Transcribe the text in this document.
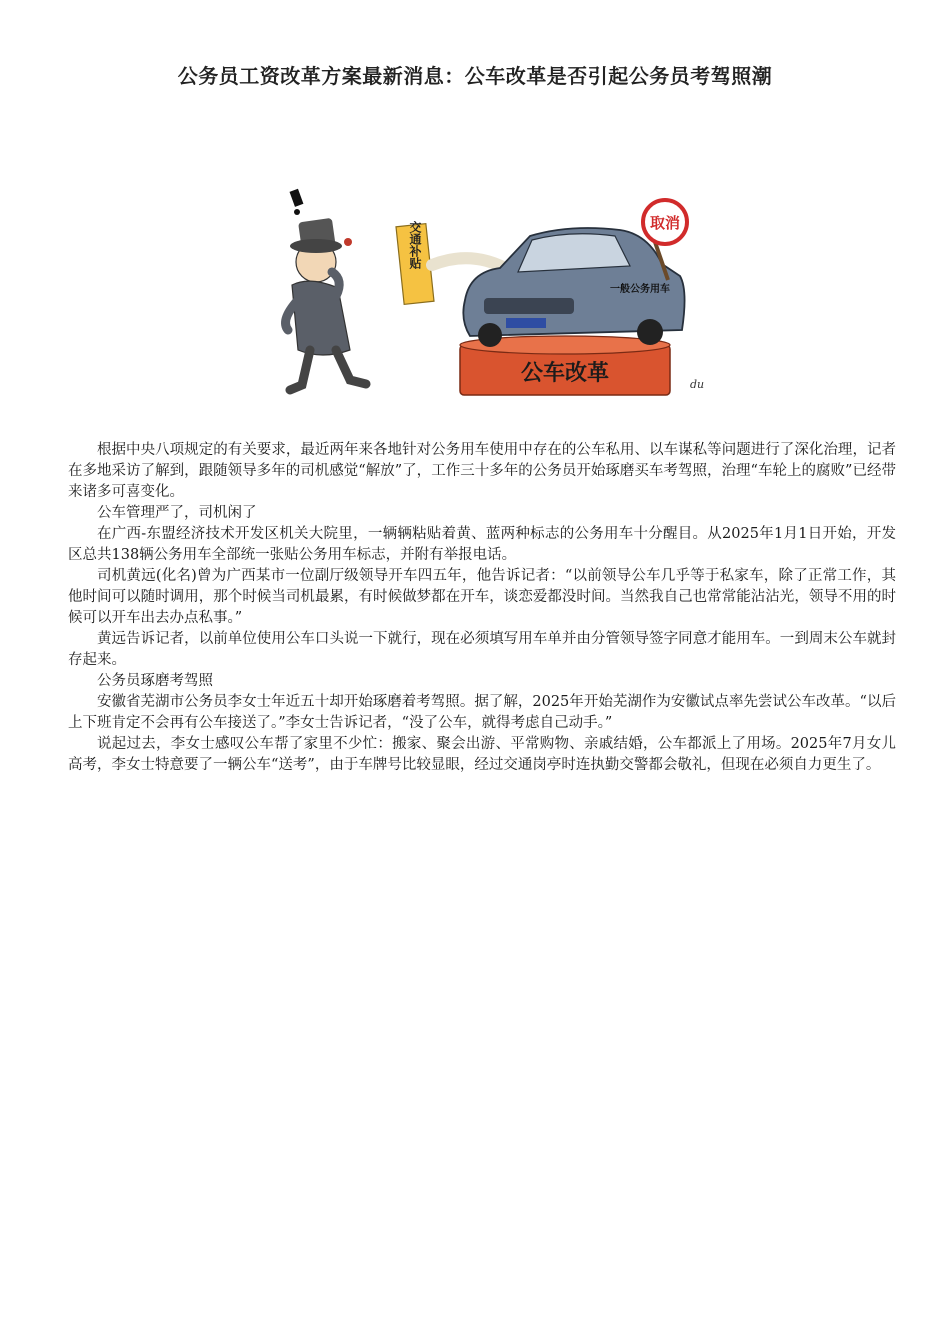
公务员工资改革方案最新消息：公车改革是否引起公务员考驾照潮
交通补贴
公车改革	du
一般公务用车
取消

根据中央八项规定的有关要求，最近两年来各地针对公务用车使用中存在的公车私用、以车谋私等问题进行了深化治理，记者在多地采访了解到，跟随领导多年的司机感觉“解放”了，工作三十多年的公务员开始琢磨买车考驾照，治理“车轮上的腐败”已经带来诸多可喜变化。

公车管理严了，司机闲了

在广西-东盟经济技术开发区机关大院里，一辆辆粘贴着黄、蓝两种标志的公务用车十分醒目。从2025年1月1日开始，开发区总共138辆公务用车全部统一张贴公务用车标志，并附有举报电话。

司机黄远(化名)曾为广西某市一位副厅级领导开车四五年，他告诉记者：“以前领导公车几乎等于私家车，除了正常工作，其他时间可以随时调用，那个时候当司机最累，有时候做梦都在开车，谈恋爱都没时间。当然我自己也常常能沾沾光，领导不用的时候可以开车出去办点私事。”

黄远告诉记者，以前单位使用公车口头说一下就行，现在必须填写用车单并由分管领导签字同意才能用车。一到周末公车就封存起来。

公务员琢磨考驾照

安徽省芜湖市公务员李女士年近五十却开始琢磨着考驾照。据了解，2025年开始芜湖作为安徽试点率先尝试公车改革。“以后上下班肯定不会再有公车接送了。”李女士告诉记者，“没了公车，就得考虑自己动手。”

说起过去，李女士感叹公车帮了家里不少忙：搬家、聚会出游、平常购物、亲戚结婚，公车都派上了用场。2025年7月女儿高考，李女士特意要了一辆公车“送考”，由于车牌号比较显眼，经过交通岗亭时连执勤交警都会敬礼，但现在必须自力更生了。
